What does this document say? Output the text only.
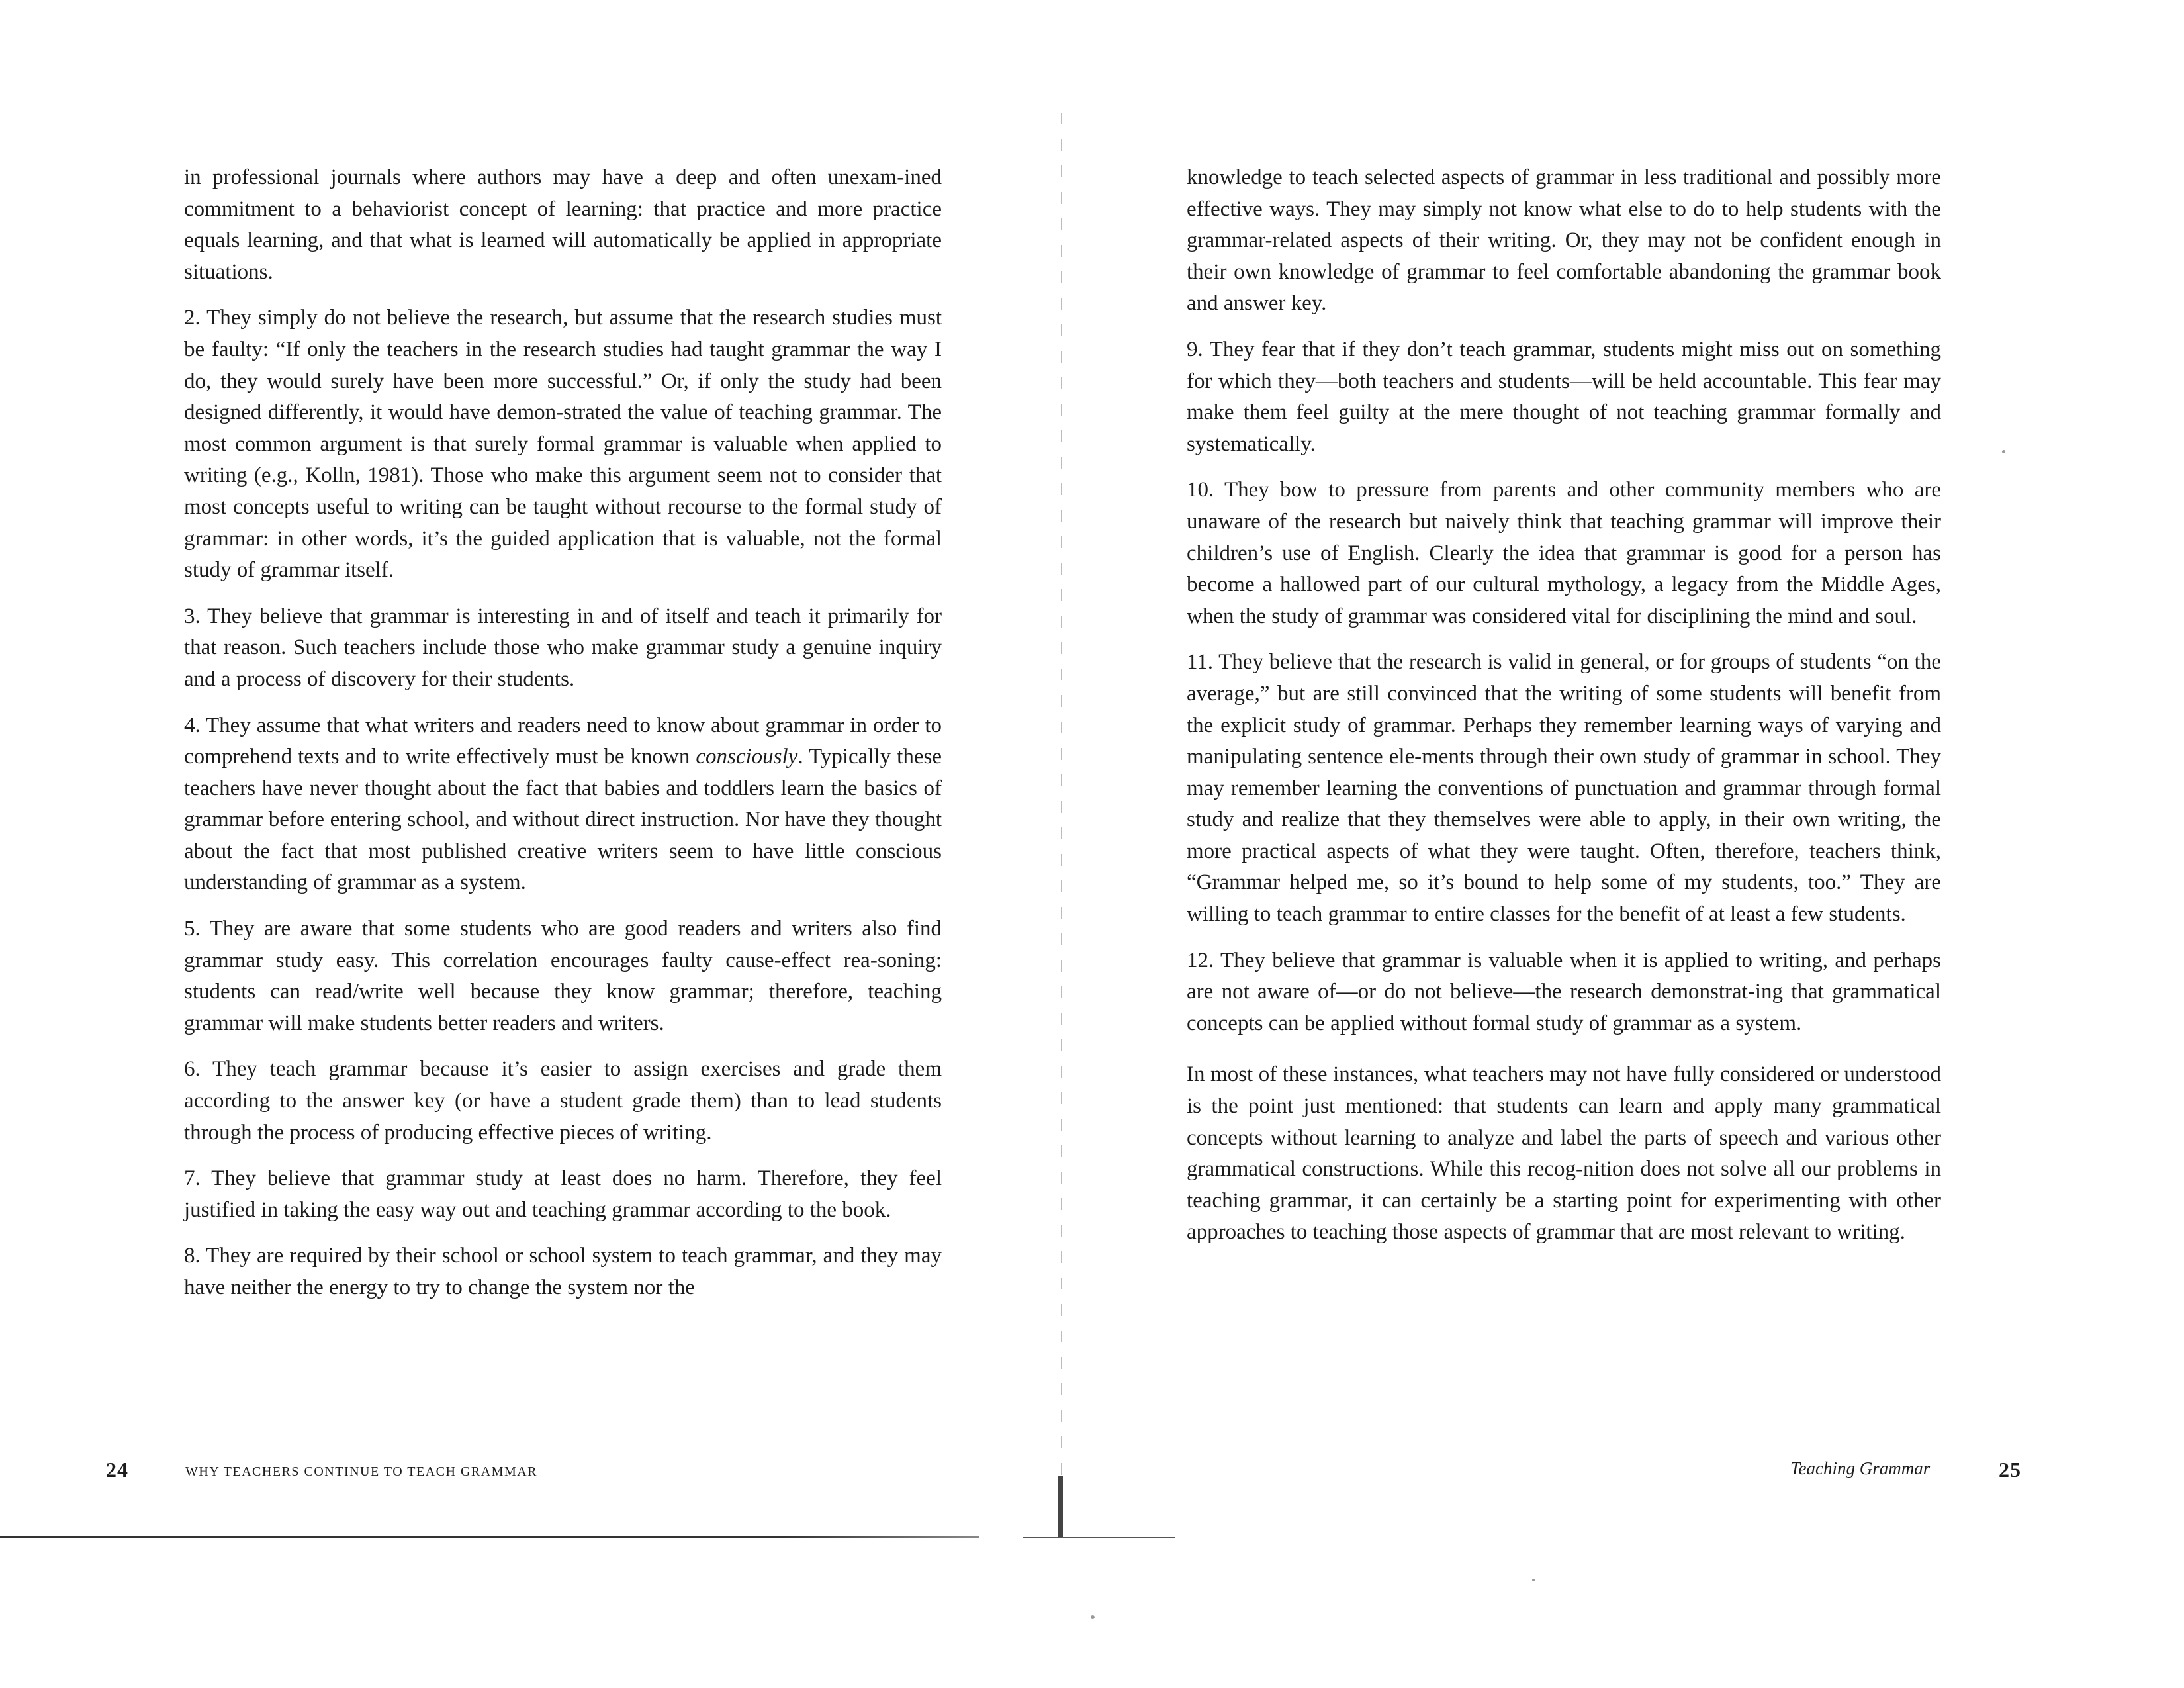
in professional journals where authors may have a deep and often unexam-ined commitment to a behaviorist concept of learning: that practice and more practice equals learning, and that what is learned will automatically be applied in appropriate situations.

2. They simply do not believe the research, but assume that the research studies must be faulty: “If only the teachers in the research studies had taught grammar the way I do, they would surely have been more successful.” Or, if only the study had been designed differently, it would have demon-strated the value of teaching grammar. The most common argument is that surely formal grammar is valuable when applied to writing (e.g., Kolln, 1981). Those who make this argument seem not to consider that most concepts useful to writing can be taught without recourse to the formal study of grammar: in other words, it’s the guided application that is valuable, not the formal study of grammar itself.

3. They believe that grammar is interesting in and of itself and teach it primarily for that reason. Such teachers include those who make grammar study a genuine inquiry and a process of discovery for their students.

4. They assume that what writers and readers need to know about grammar in order to comprehend texts and to write effectively must be known consciously. Typically these teachers have never thought about the fact that babies and toddlers learn the basics of grammar before entering school, and without direct instruction. Nor have they thought about the fact that most published creative writers seem to have little conscious understanding of grammar as a system.

5. They are aware that some students who are good readers and writers also find grammar study easy. This correlation encourages faulty cause-effect rea-soning: students can read/write well because they know grammar; therefore, teaching grammar will make students better readers and writers.

6. They teach grammar because it’s easier to assign exercises and grade them according to the answer key (or have a student grade them) than to lead students through the process of producing effective pieces of writing.

7. They believe that grammar study at least does no harm. Therefore, they feel justified in taking the easy way out and teaching grammar according to the book.

8. They are required by their school or school system to teach grammar, and they may have neither the energy to try to change the system nor the

24	WHY TEACHERS CONTINUE TO TEACH GRAMMAR

knowledge to teach selected aspects of grammar in less traditional and possibly more effective ways. They may simply not know what else to do to help students with the grammar-related aspects of their writing. Or, they may not be confident enough in their own knowledge of grammar to feel comfortable abandoning the grammar book and answer key.

9. They fear that if they don’t teach grammar, students might miss out on something for which they—both teachers and students—will be held accountable. This fear may make them feel guilty at the mere thought of not teaching grammar formally and systematically.

10. They bow to pressure from parents and other community members who are unaware of the research but naively think that teaching grammar will improve their children’s use of English. Clearly the idea that grammar is good for a person has become a hallowed part of our cultural mythology, a legacy from the Middle Ages, when the study of grammar was considered vital for disciplining the mind and soul.

11. They believe that the research is valid in general, or for groups of students “on the average,” but are still convinced that the writing of some students will benefit from the explicit study of grammar. Perhaps they remember learning ways of varying and manipulating sentence ele-ments through their own study of grammar in school. They may remember learning the conventions of punctuation and grammar through formal study and realize that they themselves were able to apply, in their own writing, the more practical aspects of what they were taught. Often, therefore, teachers think, “Grammar helped me, so it’s bound to help some of my students, too.” They are willing to teach grammar to entire classes for the benefit of at least a few students.

12. They believe that grammar is valuable when it is applied to writing, and perhaps are not aware of—or do not believe—the research demonstrat-ing that grammatical concepts can be applied without formal study of grammar as a system.

In most of these instances, what teachers may not have fully considered or understood is the point just mentioned: that students can learn and apply many grammatical concepts without learning to analyze and label the parts of speech and various other grammatical constructions. While this recog-nition does not solve all our problems in teaching grammar, it can certainly be a starting point for experimenting with other approaches to teaching those aspects of grammar that are most relevant to writing.

Teaching Grammar	25
